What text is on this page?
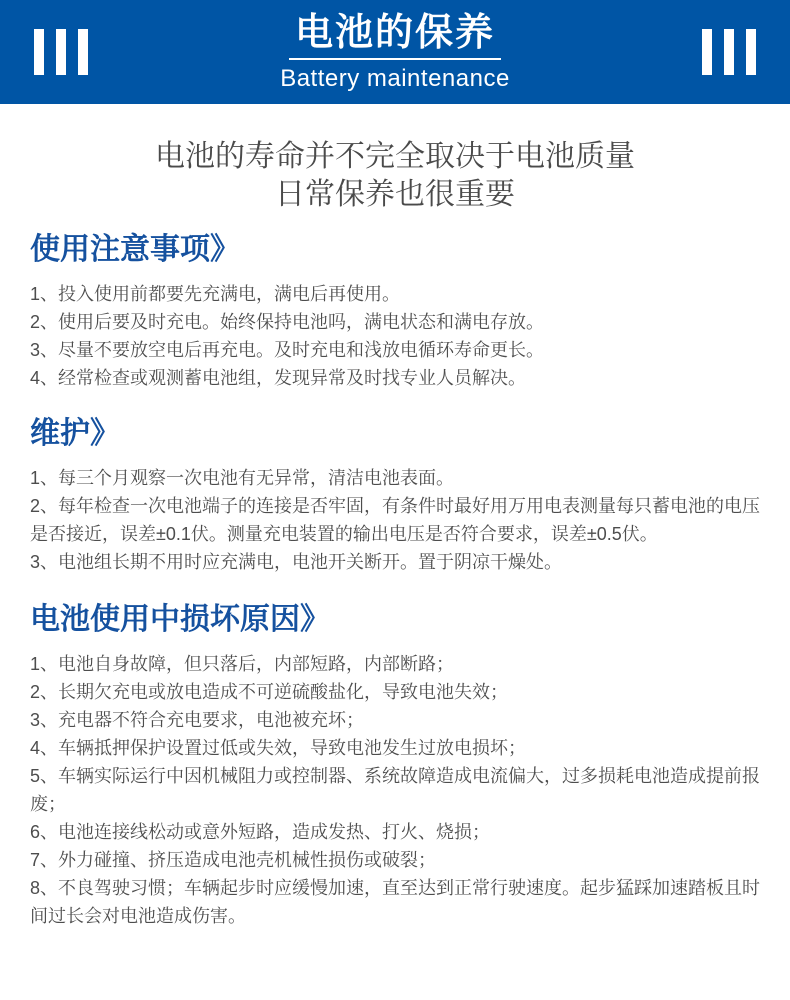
电池的保养
Battery maintenance
电池的寿命并不完全取决于电池质量
日常保养也很重要
使用注意事项》

1、投入使用前都要先充满电，满电后再使用。

2、使用后要及时充电。始终保持电池吗，满电状态和满电存放。

3、尽量不要放空电后再充电。及时充电和浅放电循环寿命更长。

4、经常检查或观测蓄电池组，发现异常及时找专业人员解决。

维护》

1、每三个月观察一次电池有无异常，清洁电池表面。

2、每年检查一次电池端子的连接是否牢固，有条件时最好用万用电表测量每只蓄电池的电压是否接近，误差±0.1伏。测量充电装置的输出电压是否符合要求，误差±0.5伏。

3、电池组长期不用时应充满电，电池开关断开。置于阴凉干燥处。

电池使用中损坏原因》

1、电池自身故障，但只落后，内部短路，内部断路；

2、长期欠充电或放电造成不可逆硫酸盐化，导致电池失效；

3、充电器不符合充电要求，电池被充坏；

4、车辆抵押保护设置过低或失效，导致电池发生过放电损坏；

5、车辆实际运行中因机械阻力或控制器、系统故障造成电流偏大，过多损耗电池造成提前报废；

6、电池连接线松动或意外短路，造成发热、打火、烧损；

7、外力碰撞、挤压造成电池壳机械性损伤或破裂；

8、不良驾驶习惯；车辆起步时应缓慢加速，直至达到正常行驶速度。起步猛踩加速踏板且时间过长会对电池造成伤害。
